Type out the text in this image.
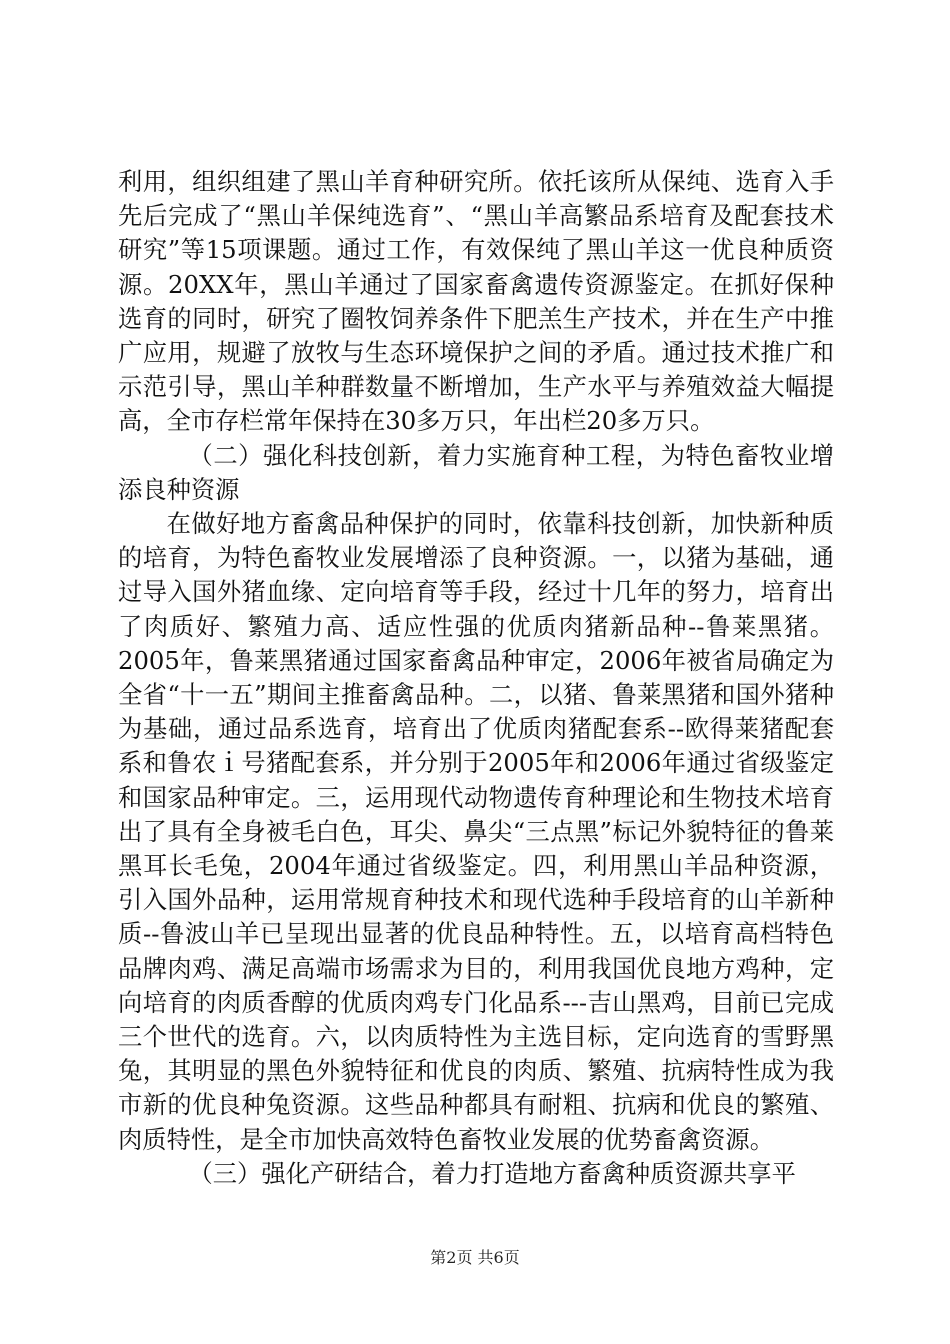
利用，组织组建了黑山羊育种研究所。依托该所从保纯、选育入手先后完成了“黑山羊保纯选育”、“黑山羊高繁品系培育及配套技术研究”等15项课题。通过工作，有效保纯了黑山羊这一优良种质资源。20XX年，黑山羊通过了国家畜禽遗传资源鉴定。在抓好保种选育的同时，研究了圈牧饲养条件下肥羔生产技术，并在生产中推广应用，规避了放牧与生态环境保护之间的矛盾。通过技术推广和示范引导，黑山羊种群数量不断增加，生产水平与养殖效益大幅提高，全市存栏常年保持在30多万只，年出栏20多万只。

（二）强化科技创新，着力实施育种工程，为特色畜牧业增添良种资源

在做好地方畜禽品种保护的同时，依靠科技创新，加快新种质的培育，为特色畜牧业发展增添了良种资源。一，以猪为基础，通过导入国外猪血缘、定向培育等手段，经过十几年的努力，培育出了肉质好、繁殖力高、适应性强的优质肉猪新品种--鲁莱黑猪。2005年，鲁莱黑猪通过国家畜禽品种审定，2006年被省局确定为全省“十一五”期间主推畜禽品种。二，以猪、鲁莱黑猪和国外猪种为基础，通过品系选育，培育出了优质肉猪配套系--欧得莱猪配套系和鲁农ｉ号猪配套系，并分别于2005年和2006年通过省级鉴定和国家品种审定。三，运用现代动物遗传育种理论和生物技术培育出了具有全身被毛白色，耳尖、鼻尖“三点黑”标记外貌特征的鲁莱黑耳长毛兔，2004年通过省级鉴定。四，利用黑山羊品种资源，引入国外品种，运用常规育种技术和现代选种手段培育的山羊新种质--鲁波山羊已呈现出显著的优良品种特性。五，以培育高档特色品牌肉鸡、满足高端市场需求为目的，利用我国优良地方鸡种，定向培育的肉质香醇的优质肉鸡专门化品系---吉山黑鸡，目前已完成三个世代的选育。六，以肉质特性为主选目标，定向选育的雪野黑兔，其明显的黑色外貌特征和优良的肉质、繁殖、抗病特性成为我市新的优良种兔资源。这些品种都具有耐粗、抗病和优良的繁殖、肉质特性，是全市加快高效特色畜牧业发展的优势畜禽资源。

（三）强化产研结合，着力打造地方畜禽种质资源共享平

第2页 共6页
